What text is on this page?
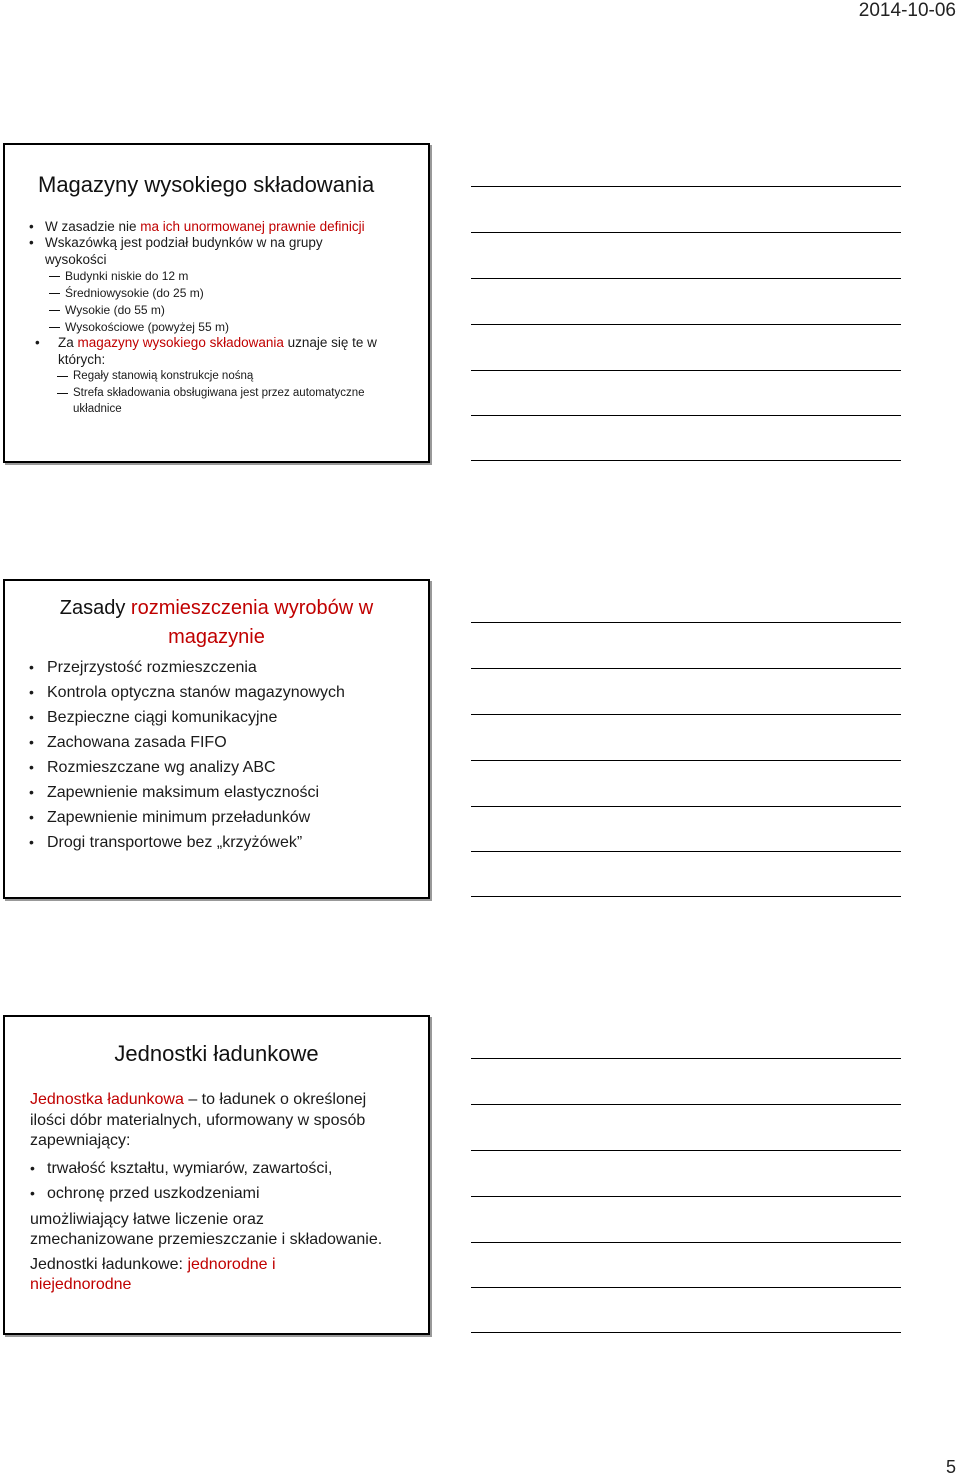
2014-10-06
Magazyny wysokiego składowania
• W zasadzie nie ma ich unormowanej prawnie definicji
• Wskazówką jest podział budynków w na grupy
wysokości
Budynki niskie do 12 m
Średniowysokie (do 25 m)
Wysokie (do 55 m)
Wysokościowe (powyżej 55 m)
• Za magazyny wysokiego składowania uznaje się te w
których:
Regały stanowią konstrukcje nośną
Strefa składowania obsługiwana jest przez automatyczne
układnice
Zasady rozmieszczenia wyrobów w
magazynie
• Przejrzystość rozmieszczenia
• Kontrola optyczna stanów magazynowych
• Bezpieczne ciągi komunikacyjne
• Zachowana zasada FIFO
• Rozmieszczane wg analizy ABC
• Zapewnienie maksimum elastyczności
• Zapewnienie minimum przeładunków
• Drogi transportowe bez „krzyżówek”
Jednostki ładunkowe

Jednostka ładunkowa – to ładunek o określonej
ilości dóbr materialnych, uformowany w sposób
zapewniający:

• trwałość kształtu, wymiarów, zawartości,
• ochronę przed uszkodzeniami

umożliwiający łatwe liczenie oraz
zmechanizowane przemieszczanie i składowanie.

Jednostki ładunkowe: jednorodne i
niejednorodne

5
